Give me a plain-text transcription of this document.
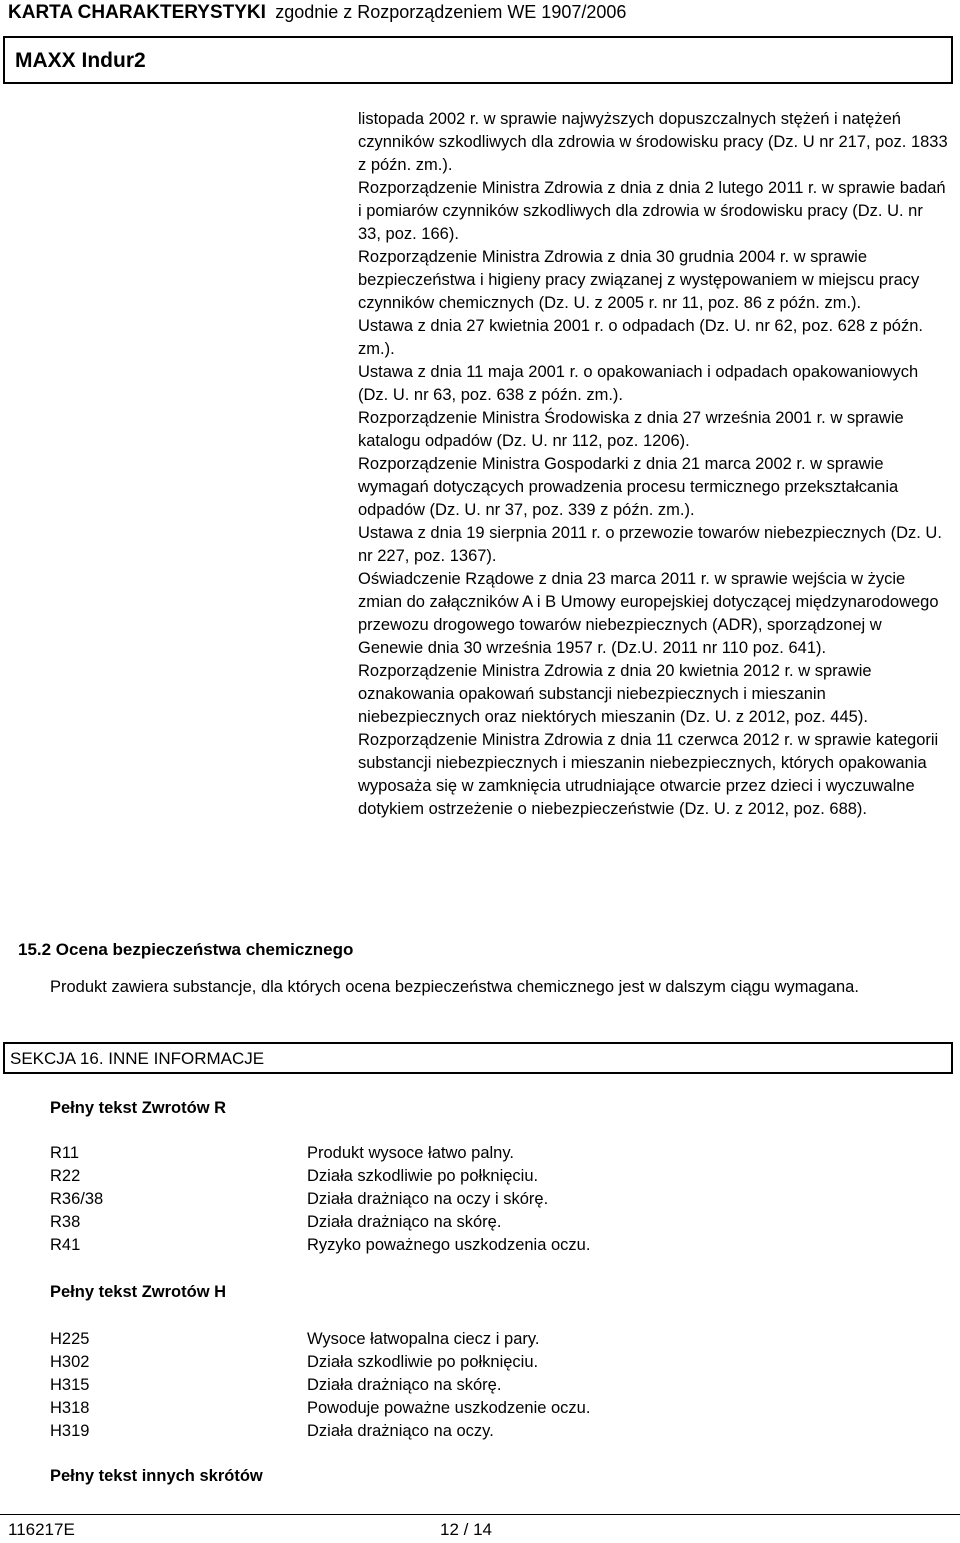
KARTA CHARAKTERYSTYKI zgodnie z Rozporządzeniem WE 1907/2006
MAXX Indur2

listopada 2002 r. w sprawie najwyższych dopuszczalnych stężeń i natężeń czynników szkodliwych dla zdrowia w środowisku pracy (Dz. U nr 217, poz. 1833 z późn. zm.).

Rozporządzenie Ministra Zdrowia z dnia z dnia 2 lutego 2011 r. w sprawie badań i pomiarów czynników szkodliwych dla zdrowia w środowisku pracy (Dz. U. nr 33, poz. 166).

Rozporządzenie Ministra Zdrowia z dnia 30 grudnia 2004 r. w sprawie bezpieczeństwa i higieny pracy związanej z występowaniem w miejscu pracy czynników chemicznych (Dz. U. z 2005 r. nr 11, poz. 86 z późn. zm.).

Ustawa z dnia 27 kwietnia 2001 r. o odpadach (Dz. U. nr 62, poz. 628 z późn. zm.).

Ustawa z dnia 11 maja 2001 r. o opakowaniach i odpadach opakowaniowych (Dz. U. nr 63, poz. 638 z późn. zm.).

Rozporządzenie Ministra Środowiska z dnia 27 września 2001 r. w sprawie katalogu odpadów (Dz. U. nr 112, poz. 1206).

Rozporządzenie Ministra Gospodarki z dnia 21 marca 2002 r. w sprawie wymagań dotyczących prowadzenia procesu termicznego przekształcania odpadów (Dz. U. nr 37, poz. 339 z późn. zm.).

Ustawa z dnia 19 sierpnia 2011 r. o przewozie towarów niebezpiecznych (Dz. U. nr 227, poz. 1367).

Oświadczenie Rządowe z dnia 23 marca 2011 r. w sprawie wejścia w życie zmian do załączników A i B Umowy europejskiej dotyczącej międzynarodowego przewozu drogowego towarów niebezpiecznych (ADR), sporządzonej w Genewie dnia 30 września 1957 r. (Dz.U. 2011 nr 110 poz. 641).

Rozporządzenie Ministra Zdrowia z dnia 20 kwietnia 2012 r. w sprawie oznakowania opakowań substancji niebezpiecznych i mieszanin niebezpiecznych oraz niektórych mieszanin (Dz. U. z 2012, poz. 445).

Rozporządzenie Ministra Zdrowia z dnia 11 czerwca 2012 r. w sprawie kategorii substancji niebezpiecznych i mieszanin niebezpiecznych, których opakowania wyposaża się w zamknięcia utrudniające otwarcie przez dzieci i wyczuwalne dotykiem ostrzeżenie o niebezpieczeństwie (Dz. U. z 2012, poz. 688).

15.2 Ocena bezpieczeństwa chemicznego

Produkt zawiera substancje, dla których ocena bezpieczeństwa chemicznego jest w dalszym ciągu wymagana.

SEKCJA 16. INNE INFORMACJE
Pełny tekst Zwrotów R
R11	Produkt wysoce łatwo palny.
R22	Działa szkodliwie po połknięciu.
R36/38	Działa drażniąco na oczy i skórę.
R38	Działa drażniąco na skórę.
R41	Ryzyko poważnego uszkodzenia oczu.
Pełny tekst Zwrotów H
H225	Wysoce łatwopalna ciecz i pary.
H302	Działa szkodliwie po połknięciu.
H315	Działa drażniąco na skórę.
H318	Powoduje poważne uszkodzenie oczu.
H319	Działa drażniąco na oczy.
Pełny tekst innych skrótów
116217E	12 / 14
